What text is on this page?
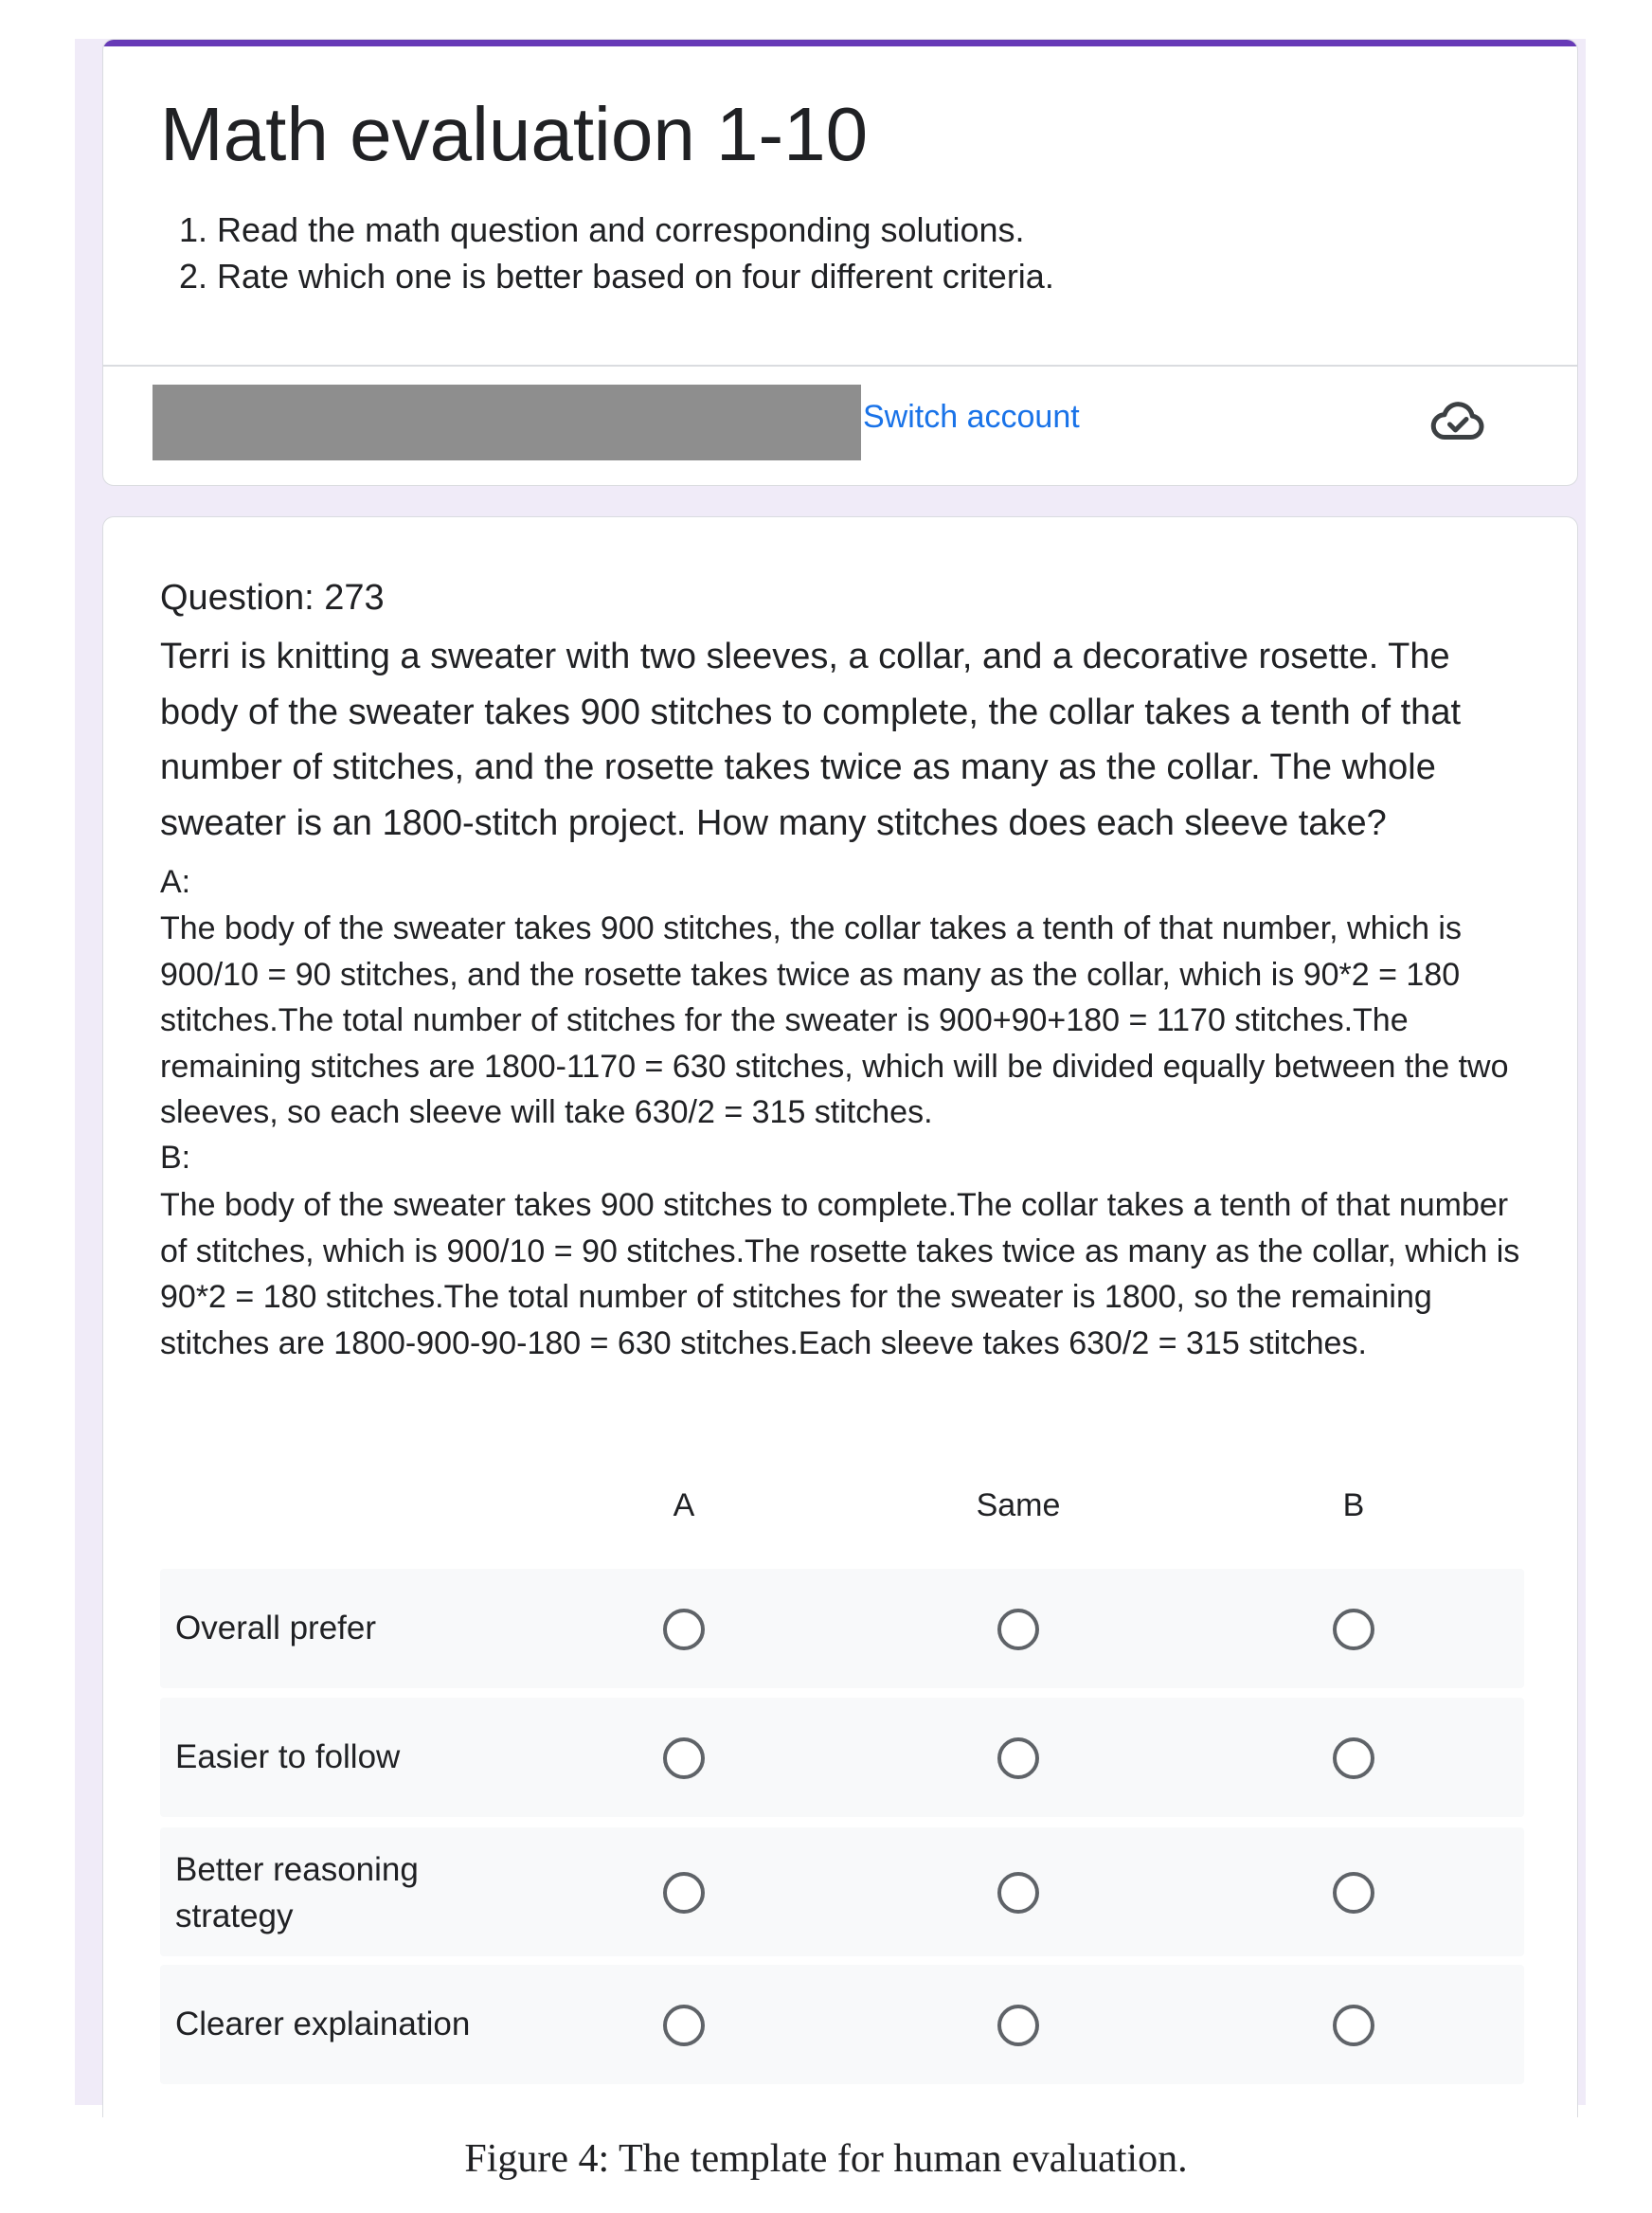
Math evaluation 1-10
1. Read the math question and corresponding solutions.
2. Rate which one is better based on four different criteria.
Switch account
Question: 273

Terri is knitting a sweater with two sleeves, a collar, and a decorative rosette. The body of the sweater takes 900 stitches to complete, the collar takes a tenth of that number of stitches, and the rosette takes twice as many as the collar. The whole sweater is an 1800-stitch project. How many stitches does each sleeve take?

A:

The body of the sweater takes 900 stitches, the collar takes a tenth of that number, which is 900/10 = 90 stitches, and the rosette takes twice as many as the collar, which is 90*2 = 180 stitches.The total number of stitches for the sweater is 900+90+180 = 1170 stitches.The remaining stitches are 1800-1170 = 630 stitches, which will be divided equally between the two sleeves, so each sleeve will take 630/2 = 315 stitches.

B:

The body of the sweater takes 900 stitches to complete.The collar takes a tenth of that number of stitches, which is 900/10 = 90 stitches.The rosette takes twice as many as the collar, which is 90*2 = 180 stitches.The total number of stitches for the sweater is 1800, so the remaining stitches are 1800-900-90-180 = 630 stitches.Each sleeve takes 630/2 = 315 stitches.

A	Same	B
Overall prefer
Easier to follow
Better reasoning strategy
Clearer explaination
Figure 4: The template for human evaluation.
